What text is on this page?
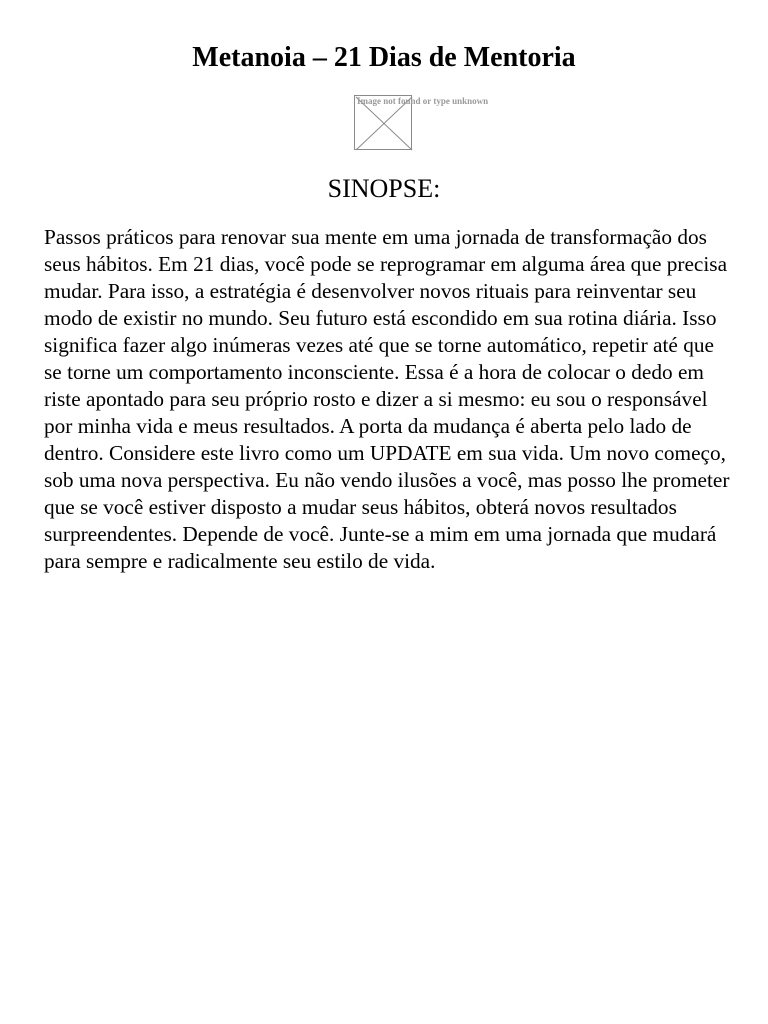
Metanoia – 21 Dias de Mentoria
Image not found or type unknown
SINOPSE:

Passos práticos para renovar sua mente em uma jornada de transformação dos seus hábitos. Em 21 dias, você pode se reprogramar em alguma área que precisa mudar. Para isso, a estratégia é desenvolver novos rituais para reinventar seu modo de existir no mundo. Seu futuro está escondido em sua rotina diária. Isso significa fazer algo inúmeras vezes até que se torne automático, repetir até que se torne um comportamento inconsciente. Essa é a hora de colocar o dedo em riste apontado para seu próprio rosto e dizer a si mesmo: eu sou o responsável por minha vida e meus resultados. A porta da mudança é aberta pelo lado de dentro. Considere este livro como um UPDATE em sua vida. Um novo começo, sob uma nova perspectiva. Eu não vendo ilusões a você, mas posso lhe prometer que se você estiver disposto a mudar seus hábitos, obterá novos resultados surpreendentes. Depende de você. Junte-se a mim em uma jornada que mudará para sempre e radicalmente seu estilo de vida.
